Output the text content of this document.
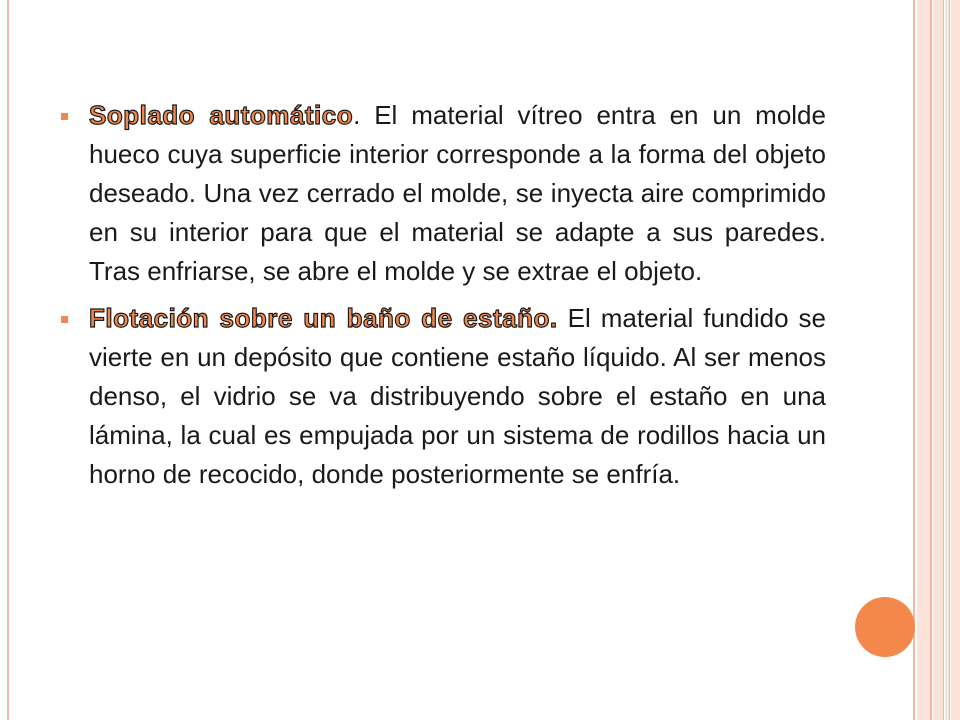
Soplado automático. El material vítreo entra en un molde hueco cuya superficie interior corresponde a la forma del objeto deseado. Una vez cerrado el molde, se inyecta aire comprimido en su interior para que el material se adapte a sus paredes. Tras enfriarse, se abre el molde y se extrae el objeto.

Flotación sobre un baño de estaño. El material fundido se vierte en un depósito que contiene estaño líquido. Al ser menos denso, el vidrio se va distribuyendo sobre el estaño en una lámina, la cual es empujada por un sistema de rodillos hacia un horno de recocido, donde posteriormente se enfría.
